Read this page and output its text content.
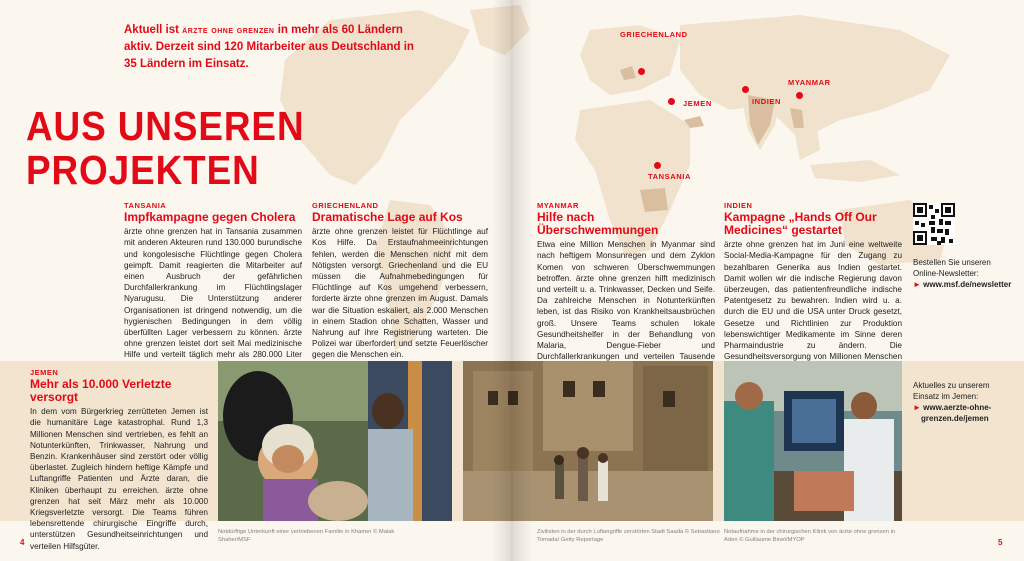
GRIECHENLAND
MYANMAR
JEMEN	INDIEN
TANSANIA

Aktuell ist ärzte ohne grenzen in mehr als 60 Ländern aktiv. Derzeit sind 120 Mitarbeiter aus Deutschland in 35 Ländern im Einsatz.

AUS UNSEREN
PROJEKTEN
TANSANIA
Impfkampagne gegen Cholera
ärzte ohne grenzen hat in Tansania zusammen mit anderen Akteuren rund 130.000 burundische und kongolesische Flüchtlinge gegen Cholera geimpft. Damit reagierten die Mitarbeiter auf einen Ausbruch der gefährlichen Durchfallerkrankung im Flüchtlingslager Nyarugusu. Die Unterstützung anderer Organisationen ist dringend notwendig, um die hygienischen Bedingungen in dem völlig überfüllten Lager verbessern zu können. ärzte ohne grenzen leistet dort seit Mai medizinische Hilfe und verteilt täglich mehr als 280.000 Liter
GRIECHENLAND
Dramatische Lage auf Kos
ärzte ohne grenzen leistet für Flüchtlinge auf Kos Hilfe. Da Erstaufnahmeeinrichtungen fehlen, werden die Menschen nicht mit dem Nötigsten versorgt. Griechenland und die EU müssen die Aufnahmebedingungen für Flüchtlinge auf Kos umgehend verbessern, forderte ärzte ohne grenzen im August. Damals war die Situation eskaliert, als 2.000 Menschen in einem Stadion ohne Schatten, Wasser und Nahrung auf ihre Registrierung warteten. Die Polizei war überfordert und setzte Feuerlöscher gegen die Menschen ein.
MYANMAR
Hilfe nach Überschwemmungen
Etwa eine Million Menschen in Myanmar sind nach heftigem Monsunregen und dem Zyklon Komen von schweren Überschwemmungen betroffen. ärzte ohne grenzen hilft medizinisch und verteilt u. a. Trinkwasser, Decken und Seife. Da zahlreiche Menschen in Notunterkünften leben, ist das Risiko von Krankheitsausbrüchen groß. Unsere Teams schulen lokale Gesundheitshelfer in der Behandlung von Malaria, Dengue-Fieber und Durchfallerkrankungen und verteilen Tausende
INDIEN
Kampagne „Hands Off Our Medicines“ gestartet
ärzte ohne grenzen hat im Juni eine weltweite Social-Media-Kampagne für den Zugang zu bezahlbaren Generika aus Indien gestartet. Damit wollen wir die indische Regierung davon überzeugen, das patientenfreundliche indische Patentgesetz zu bewahren. Indien wird u. a. durch die EU und die USA unter Druck gesetzt, Gesetze und Richtlinien zur Produktion lebenswichtiger Medikamente im Sinne deren Pharmaindustrie zu ändern. Die Gesundheitsversorgung von Millionen Menschen
Bestellen Sie unseren Online-Newsletter:
► www.msf.de/newsletter
JEMEN
Mehr als 10.000 Verletzte versorgt
In dem vom Bürgerkrieg zerrütteten Jemen ist die humanitäre Lage katastrophal. Rund 1,3 Millionen Menschen sind vertrieben, es fehlt an Notunterkünften, Trinkwasser, Nahrung und Benzin. Krankenhäuser sind zerstört oder völlig überlastet. Zugleich hindern heftige Kämpfe und Luftangriffe Patienten und Ärzte daran, die Kliniken überhaupt zu erreichen. ärzte ohne grenzen hat seit März mehr als 10.000 Kriegsverletzte versorgt. Die Teams führen lebensrettende chirurgische Eingriffe durch, unterstützen Gesundheitseinrichtungen und verteilen Hilfsgüter.
Notdürftige Unterkunft einer vertriebenen Familie in Khamer © Malak Shaher/MSF
Zivilisten in der durch Luftangriffe zerstörten Stadt Saada © Sebastiano Tomada/ Getty Reportage
Notaufnahme in der chirurgischen Klinik von ärzte ohne grenzen in Aden © Guillaume Binet/MYOP
Aktuelles zu unserem Einsatz im Jemen:
► www.aerzte-ohne-
grenzen.de/jemen
4	5
